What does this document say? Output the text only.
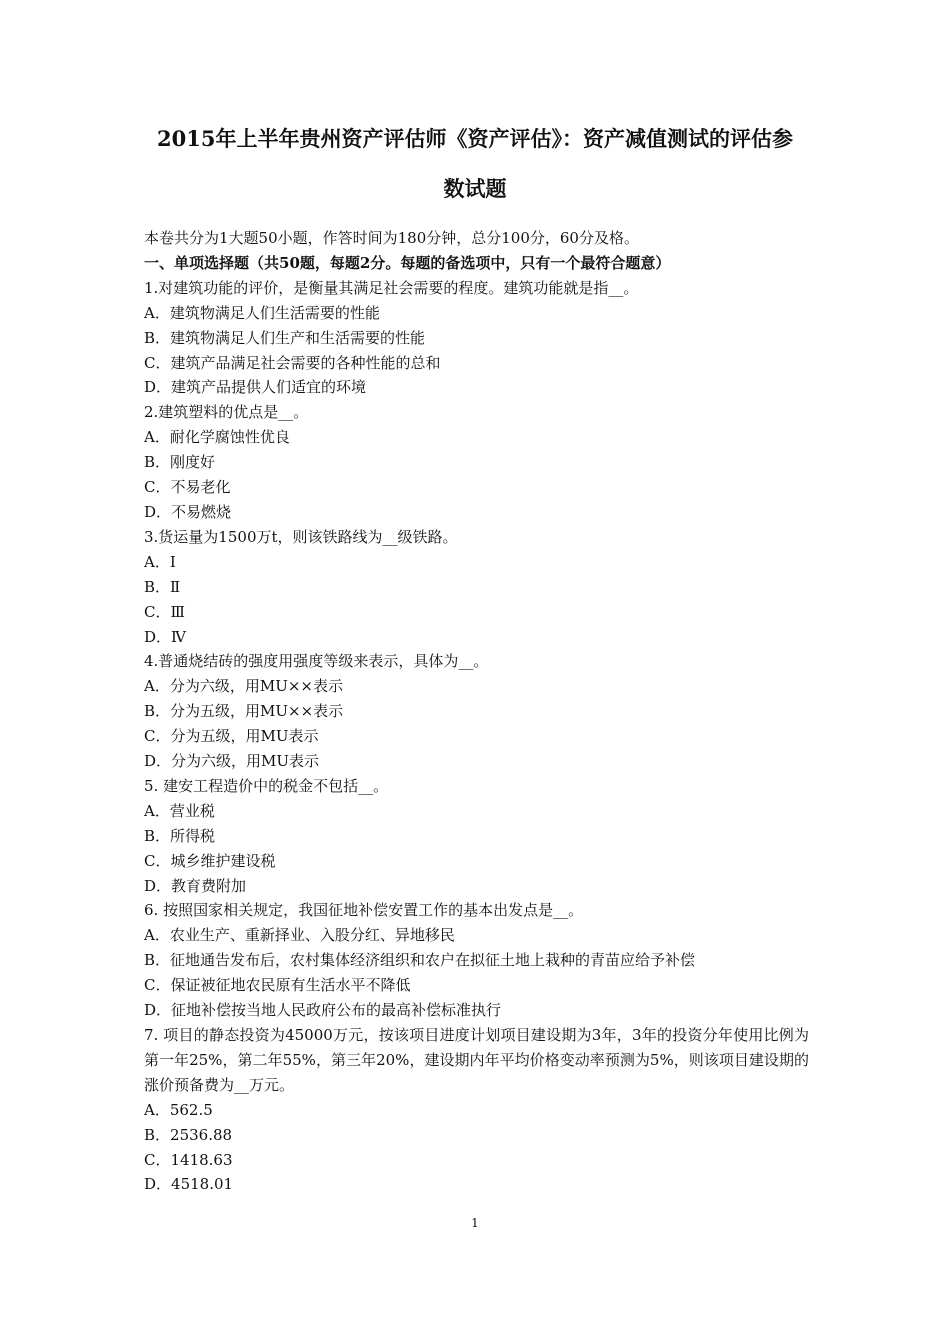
2015年上半年贵州资产评估师《资产评估》：资产减值测试的评估参
数试题
本卷共分为1大题50小题，作答时间为180分钟，总分100分，60分及格。
一、单项选择题（共50题，每题2分。每题的备选项中，只有一个最符合题意）
1.对建筑功能的评价，是衡量其满足社会需要的程度。建筑功能就是指__。
A．建筑物满足人们生活需要的性能
B．建筑物满足人们生产和生活需要的性能
C．建筑产品满足社会需要的各种性能的总和
D．建筑产品提供人们适宜的环境
2.建筑塑料的优点是__。
A．耐化学腐蚀性优良
B．刚度好
C．不易老化
D．不易燃烧
3.货运量为1500万t，则该铁路线为__级铁路。
A．Ⅰ
B．Ⅱ
C．Ⅲ
D．Ⅳ
4.普通烧结砖的强度用强度等级来表示，具体为__。
A．分为六级，用MU××表示
B．分为五级，用MU××表示
C．分为五级，用MU表示
D．分为六级，用MU表示
5. 建安工程造价中的税金不包括__。
A．营业税
B．所得税
C．城乡维护建设税
D．教育费附加
6. 按照国家相关规定，我国征地补偿安置工作的基本出发点是__。
A．农业生产、重新择业、入股分红、异地移民
B．征地通告发布后，农村集体经济组织和农户在拟征土地上栽种的青苗应给予补偿
C．保证被征地农民原有生活水平不降低
D．征地补偿按当地人民政府公布的最高补偿标准执行
7. 项目的静态投资为45000万元，按该项目进度计划项目建设期为3年，3年的投资分年使用比例为第一年25%，第二年55%，第三年20%，建设期内年平均价格变动率预测为5%，则该项目建设期的涨价预备费为__万元。
A．562.5
B．2536.88
C．1418.63
D．4518.01
1
